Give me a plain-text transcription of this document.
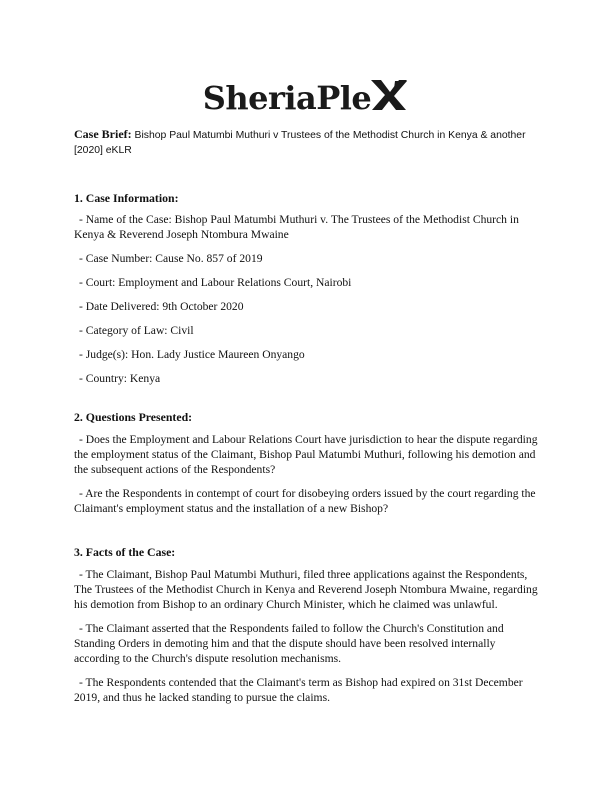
SheriaPle
Case Brief: Bishop Paul Matumbi Muthuri v Trustees of the Methodist Church in Kenya & another [2020] eKLR

1. Case Information:

- Name of the Case: Bishop Paul Matumbi Muthuri v. The Trustees of the Methodist Church in Kenya & Reverend Joseph Ntombura Mwaine

- Case Number: Cause No. 857 of 2019

- Court: Employment and Labour Relations Court, Nairobi

- Date Delivered: 9th October 2020

- Category of Law: Civil

- Judge(s): Hon. Lady Justice Maureen Onyango

- Country: Kenya

2. Questions Presented:

- Does the Employment and Labour Relations Court have jurisdiction to hear the dispute regarding the employment status of the Claimant, Bishop Paul Matumbi Muthuri, following his demotion and the subsequent actions of the Respondents?

- Are the Respondents in contempt of court for disobeying orders issued by the court regarding the Claimant's employment status and the installation of a new Bishop?

3. Facts of the Case:

- The Claimant, Bishop Paul Matumbi Muthuri, filed three applications against the Respondents, The Trustees of the Methodist Church in Kenya and Reverend Joseph Ntombura Mwaine, regarding his demotion from Bishop to an ordinary Church Minister, which he claimed was unlawful.

- The Claimant asserted that the Respondents failed to follow the Church's Constitution and Standing Orders in demoting him and that the dispute should have been resolved internally according to the Church's dispute resolution mechanisms.

- The Respondents contended that the Claimant's term as Bishop had expired on 31st December 2019, and thus he lacked standing to pursue the claims.
